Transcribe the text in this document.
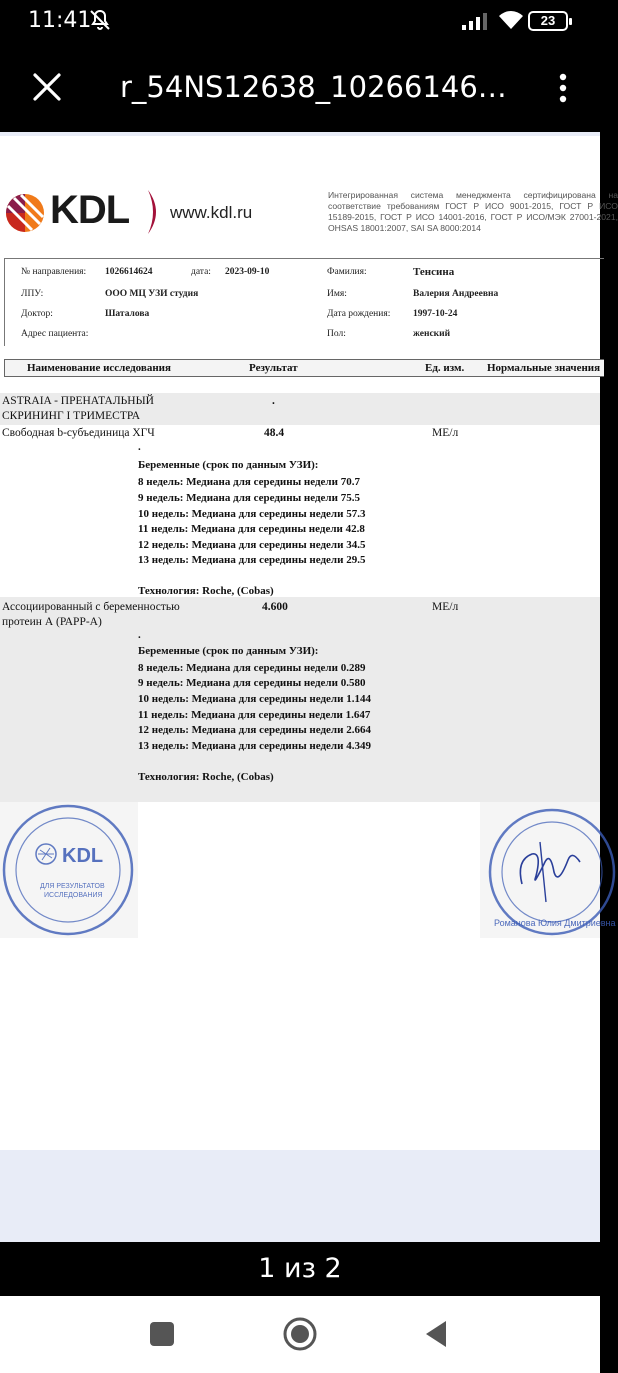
11:41	23
r_54NS12638_10266146…
KDL www.kdl.ru
Интегрированная система менеджмента сертифицирована на соответствие требованиям ГОСТ Р ИСО 9001-2015, ГОСТ Р ИСО 15189-2015, ГОСТ Р ИСО 14001-2016, ГОСТ Р ИСО/МЭК 27001-2021, OHSAS 18001:2007, SAI SA 8000:2014
№ направления: 1026614624	дата: 2023-09-10	Фамилия:	Тенсина
ЛПУ:	ООО МЦ УЗИ студия	Имя:	Валерия Андреевна
Доктор:	Шаталова	Дата рождения: 1997-10-24
Адрес пациента:	Пол:	женский
Наименование исследования	Результат	Ед. изм. Нормальные значения
ASTRAIA - ПРЕНАТАЛЬНЫЙ
СКРИНИНГ I ТРИМЕСТРА
.
Свободная b-субъединица ХГЧ	48.4	МЕ/л
.
Беременные (срок по данным УЗИ):
8 недель: Медиана для середины недели 70.7
9 недель: Медиана для середины недели 75.5
10 недель: Медиана для середины недели 57.3
11 недель: Медиана для середины недели 42.8
12 недель: Медиана для середины недели 34.5
13 недель: Медиана для середины недели 29.5
Технология: Roche, (Cobas)
Ассоциированный с беременностью
протеин А (РАРР-А)
4.600	МЕ/л
.
Беременные (срок по данным УЗИ):
8 недель: Медиана для середины недели 0.289
9 недель: Медиана для середины недели 0.580
10 недель: Медиана для середины недели 1.144
11 недель: Медиана для середины недели 1.647
12 недель: Медиана для середины недели 2.664
13 недель: Медиана для середины недели 4.349
Технология: Roche, (Cobas)
KDL
ДЛЯ РЕЗУЛЬТАТОВ
ИССЛЕДОВАНИЯ
Романова Юлия Дмитриевна
1 из 2
